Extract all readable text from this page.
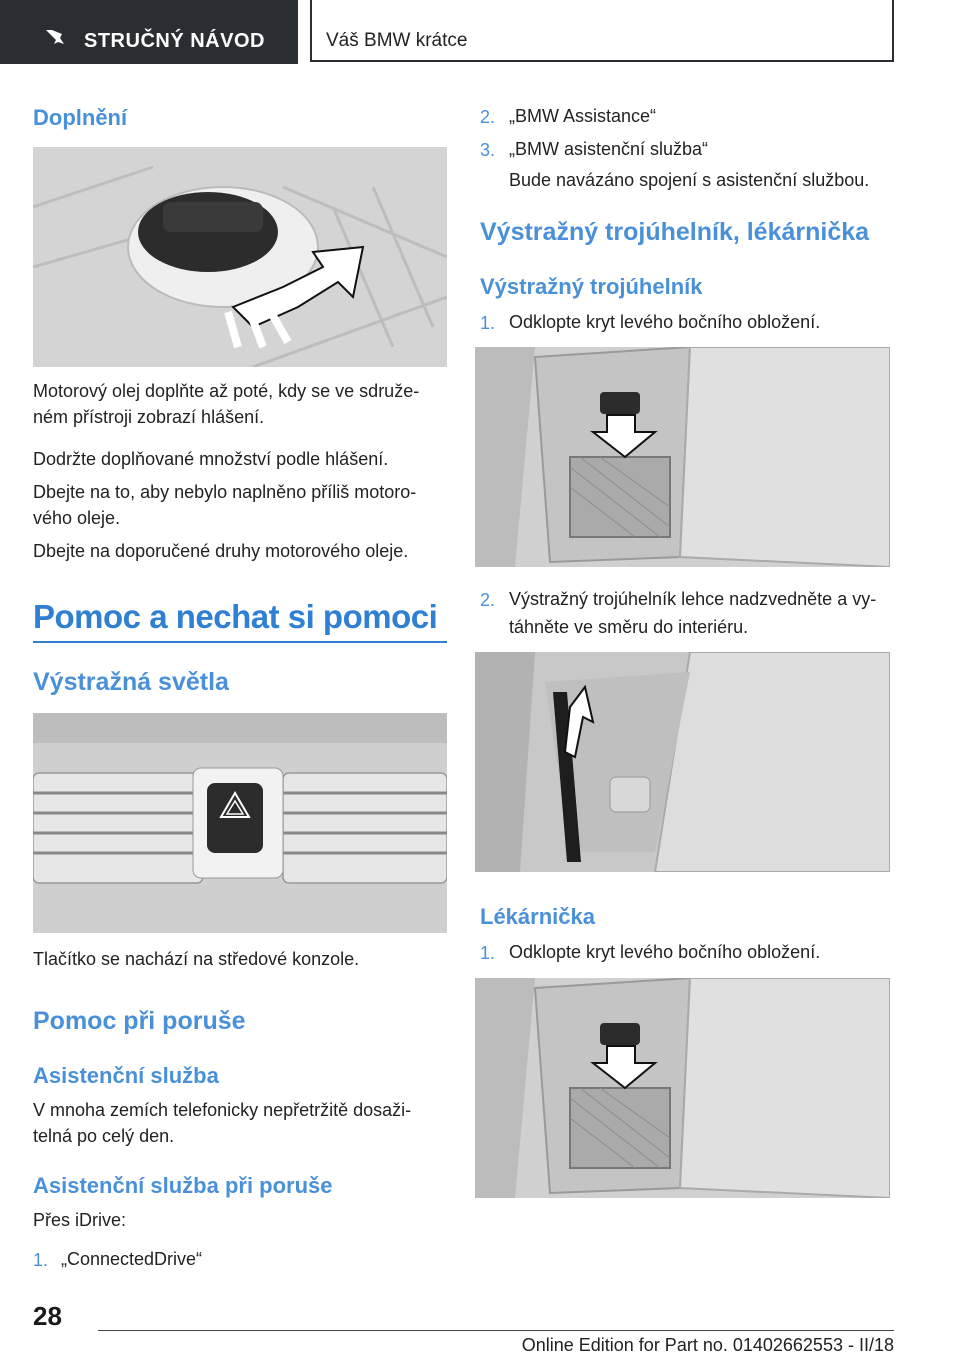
STRUČNÝ NÁVOD	Váš BMW krátce
Doplnění

Motorový olej doplňte až poté, kdy se ve sdruže-

ném přístroji zobrazí hlášení.

Dodržte doplňované množství podle hlášení.

Dbejte na to, aby nebylo naplněno příliš motoro-

vého oleje.

Dbejte na doporučené druhy motorového oleje.

Pomoc a nechat si pomoci
Výstražná světla

Tlačítko se nachází na středové konzole.

Pomoc při poruše
Asistenční služba

V mnoha zemích telefonicky nepřetržitě dosaži-

telná po celý den.

Asistenční služba při poruše

Přes iDrive:

1. „ConnectedDrive“
2. „BMW Assistance“
3. „BMW asistenční služba“
Bude navázáno spojení s asistenční službou.
Výstražný trojúhelník, lékárnička
Výstražný trojúhelník
1. Odklopte kryt levého bočního obložení.
2. Výstražný trojúhelník lehce nadzvedněte a vy-
táhněte ve směru do interiéru.
Lékárnička
1. Odklopte kryt levého bočního obložení.
28
Online Edition for Part no. 01402662553 - II/18
